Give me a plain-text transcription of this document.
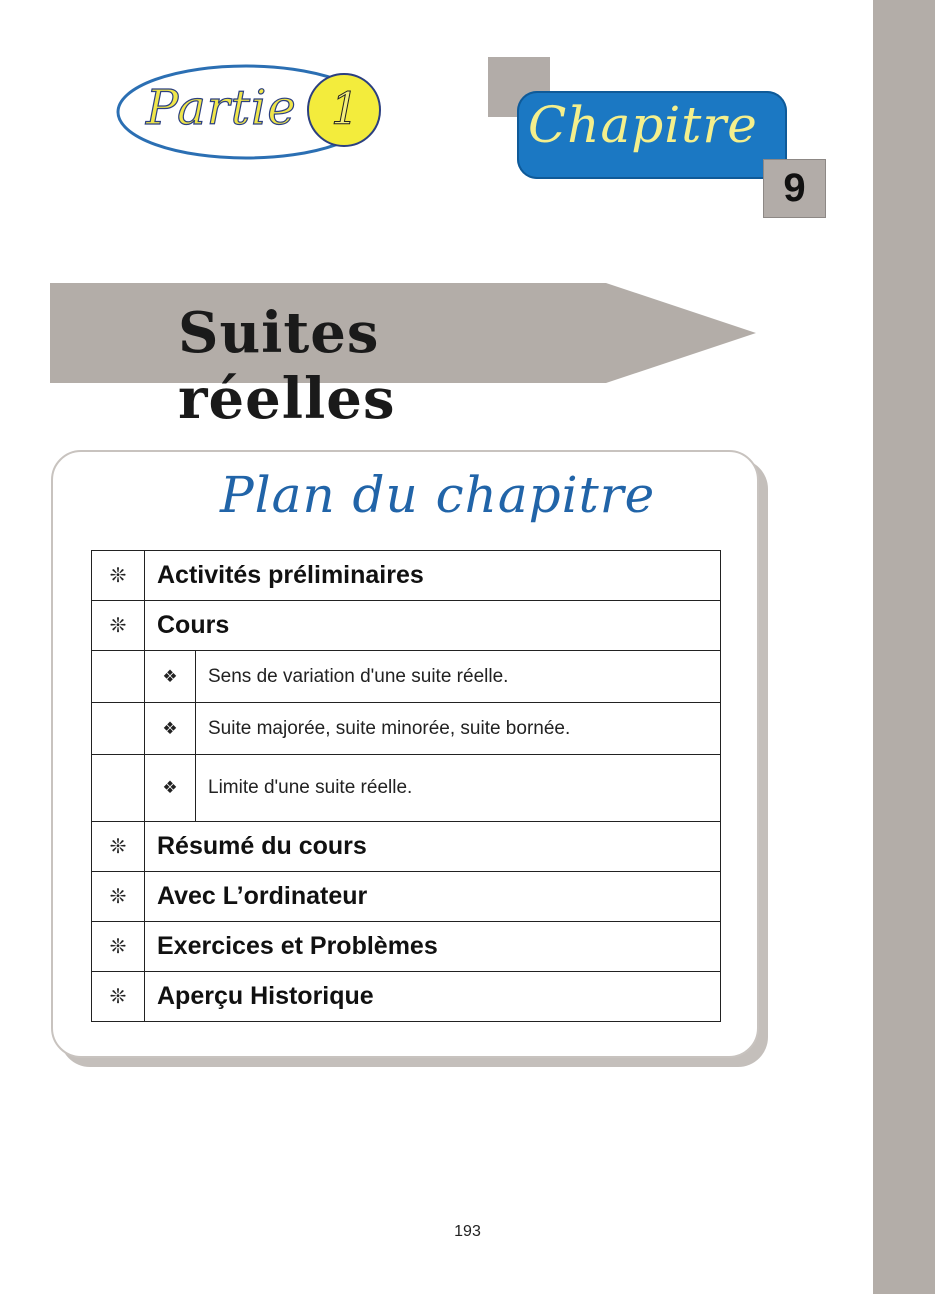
Partie 1	Chapitre
9
Suites réelles
Plan du chapitre
❊	Activités préliminaires
❊	Cours

❖	Sens de variation d'une suite réelle.

❖	Suite majorée, suite minorée, suite bornée.

❖	Limite d'une suite réelle.

❊	Résumé du cours
❊	Avec L’ordinateur
❊	Exercices et Problèmes
❊	Aperçu Historique
193
